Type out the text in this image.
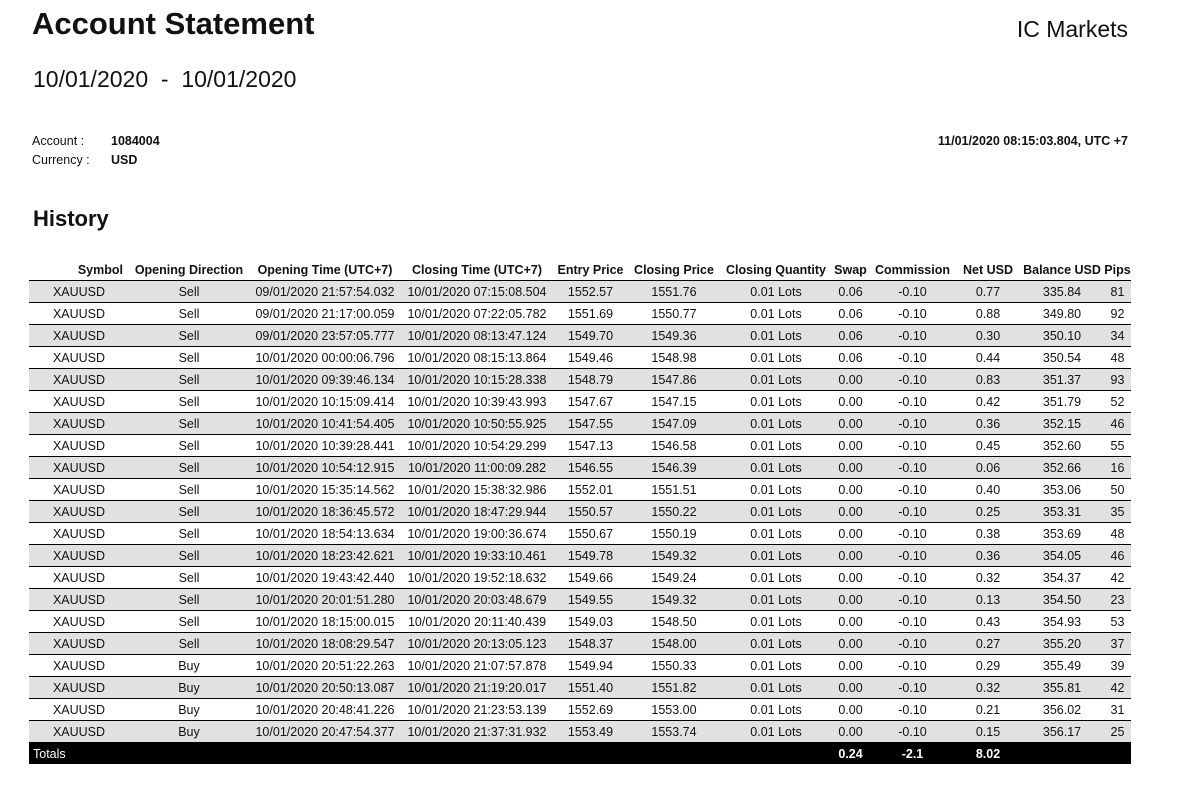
Account Statement	IC Markets
10/01/2020  -  10/01/2020
Account : 1084004
Currency : USD
11/01/2020 08:15:03.804, UTC +7
History
Symbol	Opening Direction	Opening Time (UTC+7)	Closing Time (UTC+7)	Entry Price	Closing Price	Closing Quantity	Swap	Commission	Net USD	Balance USD	Pips
XAUUSD	Sell	09/01/2020 21:57:54.032	10/01/2020 07:15:08.504	1552.57	1551.76	0.01 Lots	0.06	-0.10	0.77	335.84	81
XAUUSD	Sell	09/01/2020 21:17:00.059	10/01/2020 07:22:05.782	1551.69	1550.77	0.01 Lots	0.06	-0.10	0.88	349.80	92
XAUUSD	Sell	09/01/2020 23:57:05.777	10/01/2020 08:13:47.124	1549.70	1549.36	0.01 Lots	0.06	-0.10	0.30	350.10	34
XAUUSD	Sell	10/01/2020 00:00:06.796	10/01/2020 08:15:13.864	1549.46	1548.98	0.01 Lots	0.06	-0.10	0.44	350.54	48
XAUUSD	Sell	10/01/2020 09:39:46.134	10/01/2020 10:15:28.338	1548.79	1547.86	0.01 Lots	0.00	-0.10	0.83	351.37	93
XAUUSD	Sell	10/01/2020 10:15:09.414	10/01/2020 10:39:43.993	1547.67	1547.15	0.01 Lots	0.00	-0.10	0.42	351.79	52
XAUUSD	Sell	10/01/2020 10:41:54.405	10/01/2020 10:50:55.925	1547.55	1547.09	0.01 Lots	0.00	-0.10	0.36	352.15	46
XAUUSD	Sell	10/01/2020 10:39:28.441	10/01/2020 10:54:29.299	1547.13	1546.58	0.01 Lots	0.00	-0.10	0.45	352.60	55
XAUUSD	Sell	10/01/2020 10:54:12.915	10/01/2020 11:00:09.282	1546.55	1546.39	0.01 Lots	0.00	-0.10	0.06	352.66	16
XAUUSD	Sell	10/01/2020 15:35:14.562	10/01/2020 15:38:32.986	1552.01	1551.51	0.01 Lots	0.00	-0.10	0.40	353.06	50
XAUUSD	Sell	10/01/2020 18:36:45.572	10/01/2020 18:47:29.944	1550.57	1550.22	0.01 Lots	0.00	-0.10	0.25	353.31	35
XAUUSD	Sell	10/01/2020 18:54:13.634	10/01/2020 19:00:36.674	1550.67	1550.19	0.01 Lots	0.00	-0.10	0.38	353.69	48
XAUUSD	Sell	10/01/2020 18:23:42.621	10/01/2020 19:33:10.461	1549.78	1549.32	0.01 Lots	0.00	-0.10	0.36	354.05	46
XAUUSD	Sell	10/01/2020 19:43:42.440	10/01/2020 19:52:18.632	1549.66	1549.24	0.01 Lots	0.00	-0.10	0.32	354.37	42
XAUUSD	Sell	10/01/2020 20:01:51.280	10/01/2020 20:03:48.679	1549.55	1549.32	0.01 Lots	0.00	-0.10	0.13	354.50	23
XAUUSD	Sell	10/01/2020 18:15:00.015	10/01/2020 20:11:40.439	1549.03	1548.50	0.01 Lots	0.00	-0.10	0.43	354.93	53
XAUUSD	Sell	10/01/2020 18:08:29.547	10/01/2020 20:13:05.123	1548.37	1548.00	0.01 Lots	0.00	-0.10	0.27	355.20	37
XAUUSD	Buy	10/01/2020 20:51:22.263	10/01/2020 21:07:57.878	1549.94	1550.33	0.01 Lots	0.00	-0.10	0.29	355.49	39
XAUUSD	Buy	10/01/2020 20:50:13.087	10/01/2020 21:19:20.017	1551.40	1551.82	0.01 Lots	0.00	-0.10	0.32	355.81	42
XAUUSD	Buy	10/01/2020 20:48:41.226	10/01/2020 21:23:53.139	1552.69	1553.00	0.01 Lots	0.00	-0.10	0.21	356.02	31
XAUUSD	Buy	10/01/2020 20:47:54.377	10/01/2020 21:37:31.932	1553.49	1553.74	0.01 Lots	0.00	-0.10	0.15	356.17	25
Totals							0.24	-2.1	8.02		
